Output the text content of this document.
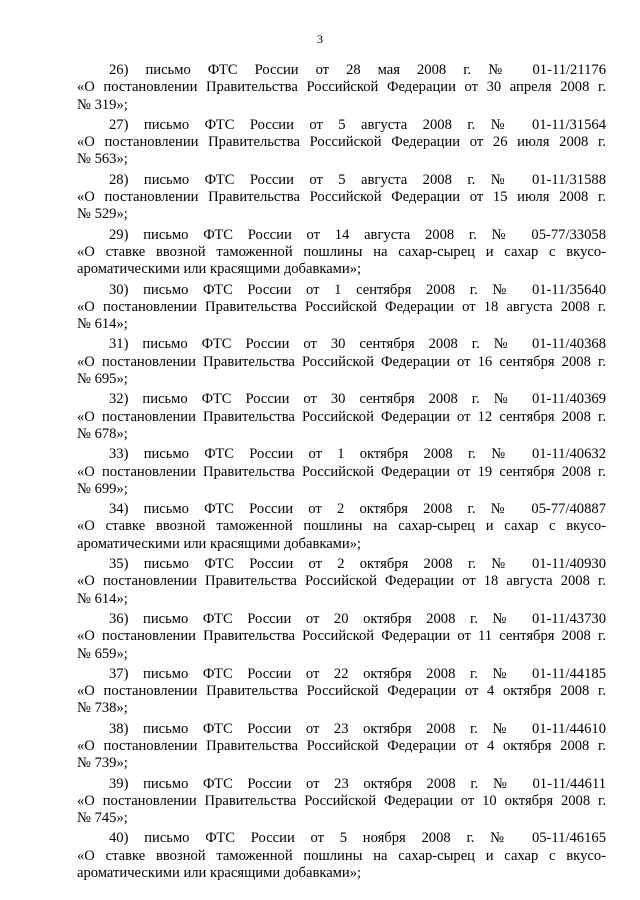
3
26) письмо ФТС России от 28 мая 2008 г. № 01-11/21176
«О постановлении Правительства Российской Федерации от 30 апреля 2008 г.
№ 319»;
27) письмо ФТС России от 5 августа 2008 г. № 01-11/31564
«О постановлении Правительства Российской Федерации от 26 июля 2008 г.
№ 563»;
28) письмо ФТС России от 5 августа 2008 г. № 01-11/31588
«О постановлении Правительства Российской Федерации от 15 июля 2008 г.
№ 529»;
29) письмо ФТС России от 14 августа 2008 г. № 05-77/33058
«О ставке ввозной таможенной пошлины на сахар-сырец и сахар с вкусо-
ароматическими или красящими добавками»;
30) письмо ФТС России от 1 сентября 2008 г. № 01-11/35640
«О постановлении Правительства Российской Федерации от 18 августа 2008 г.
№ 614»;
31) письмо ФТС России от 30 сентября 2008 г. № 01-11/40368
«О постановлении Правительства Российской Федерации от 16 сентября 2008 г.
№ 695»;
32) письмо ФТС России от 30 сентября 2008 г. № 01-11/40369
«О постановлении Правительства Российской Федерации от 12 сентября 2008 г.
№ 678»;
33) письмо ФТС России от 1 октября 2008 г. № 01-11/40632
«О постановлении Правительства Российской Федерации от 19 сентября 2008 г.
№ 699»;
34) письмо ФТС России от 2 октября 2008 г. № 05-77/40887
«О ставке ввозной таможенной пошлины на сахар-сырец и сахар с вкусо-
ароматическими или красящими добавками»;
35) письмо ФТС России от 2 октября 2008 г. № 01-11/40930
«О постановлении Правительства Российской Федерации от 18 августа 2008 г.
№ 614»;
36) письмо ФТС России от 20 октября 2008 г. № 01-11/43730
«О постановлении Правительства Российской Федерации от 11 сентября 2008 г.
№ 659»;
37) письмо ФТС России от 22 октября 2008 г. № 01-11/44185
«О постановлении Правительства Российской Федерации от 4 октября 2008 г.
№ 738»;
38) письмо ФТС России от 23 октября 2008 г. № 01-11/44610
«О постановлении Правительства Российской Федерации от 4 октября 2008 г.
№ 739»;
39) письмо ФТС России от 23 октября 2008 г. № 01-11/44611
«О постановлении Правительства Российской Федерации от 10 октября 2008 г.
№ 745»;
40) письмо ФТС России от 5 ноября 2008 г. № 05-11/46165
«О ставке ввозной таможенной пошлины на сахар-сырец и сахар с вкусо-
ароматическими или красящими добавками»;
